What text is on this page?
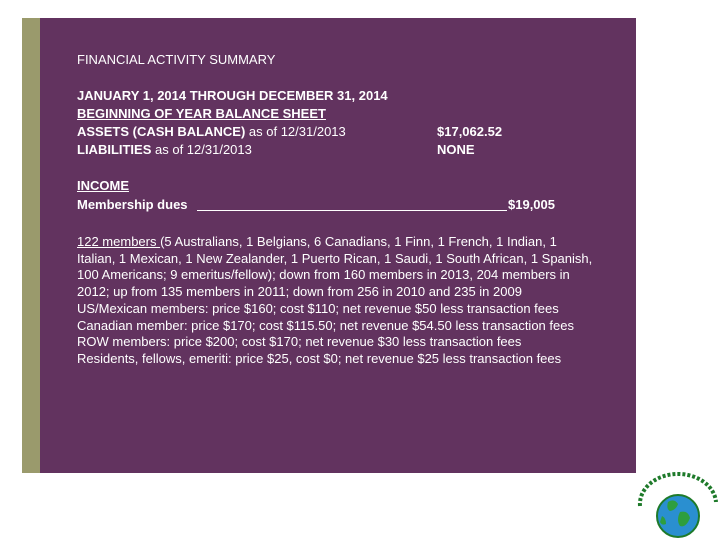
FINANCIAL ACTIVITY SUMMARY
JANUARY 1, 2014 THROUGH DECEMBER 31, 2014
BEGINNING OF YEAR BALANCE SHEET
ASSETS (CASH BALANCE) as of 12/31/2013	$17,062.52
LIABILITIES as of 12/31/2013	NONE
INCOME
Membership dues	$19,005

122 members (5 Australians, 1 Belgians, 6 Canadians, 1 Finn, 1 French, 1 Indian, 1 Italian, 1 Mexican, 1 New Zealander, 1 Puerto Rican, 1 Saudi, 1 South African, 1 Spanish, 100 Americans; 9 emeritus/fellow); down from 160 members in 2013, 204 members in 2012; up from 135 members in 2011; down from 256 in 2010 and 235 in 2009

US/Mexican members: price $160; cost $110; net revenue $50 less transaction fees

Canadian member: price $170; cost $115.50; net revenue $54.50 less transaction fees

ROW members: price $200; cost $170; net revenue $30 less transaction fees

Residents, fellows, emeriti: price $25, cost $0; net revenue $25 less transaction fees
